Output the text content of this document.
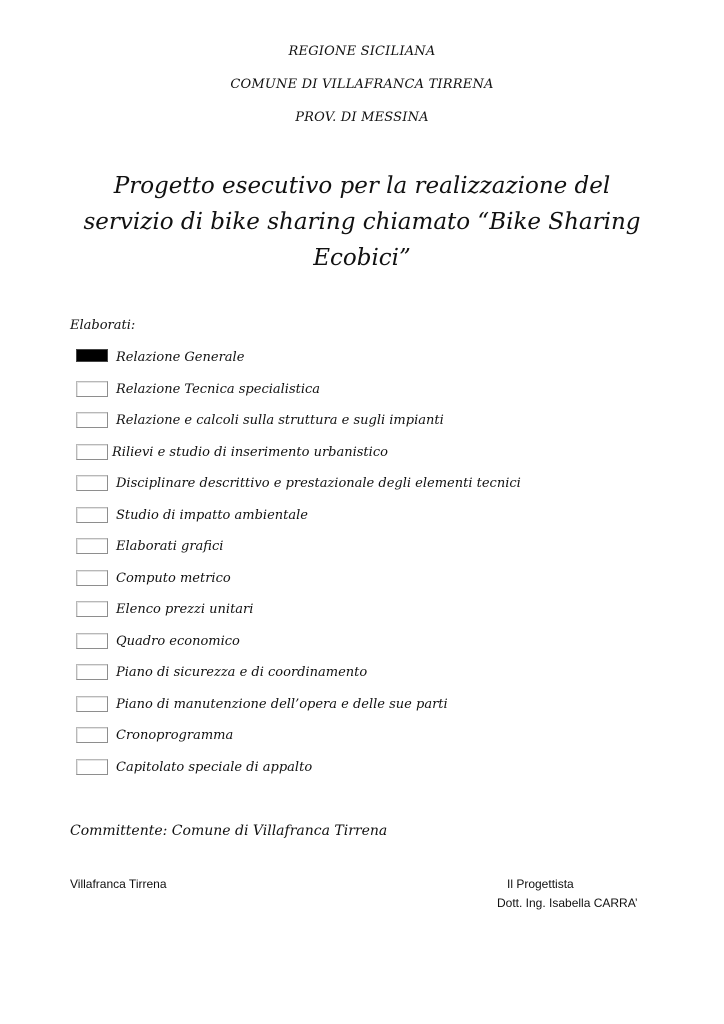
REGIONE SICILIANA
COMUNE DI VILLAFRANCA TIRRENA
PROV. DI MESSINA
Progetto esecutivo per la realizzazione del servizio di bike sharing chiamato “Bike Sharing Ecobici”
Elaborati:
Relazione Generale
Relazione Tecnica specialistica
Relazione e calcoli sulla struttura e sugli impianti
Rilievi e studio di inserimento urbanistico
Disciplinare descrittivo e prestazionale degli elementi tecnici
Studio di impatto ambientale
Elaborati grafici
Computo metrico
Elenco prezzi unitari
Quadro economico
Piano di sicurezza e di coordinamento
Piano di manutenzione dell’opera e delle sue parti
Cronoprogramma
Capitolato speciale di appalto
Committente: Comune di Villafranca Tirrena
Villafranca Tirrena	Il Progettista
Dott. Ing. Isabella CARRA’
